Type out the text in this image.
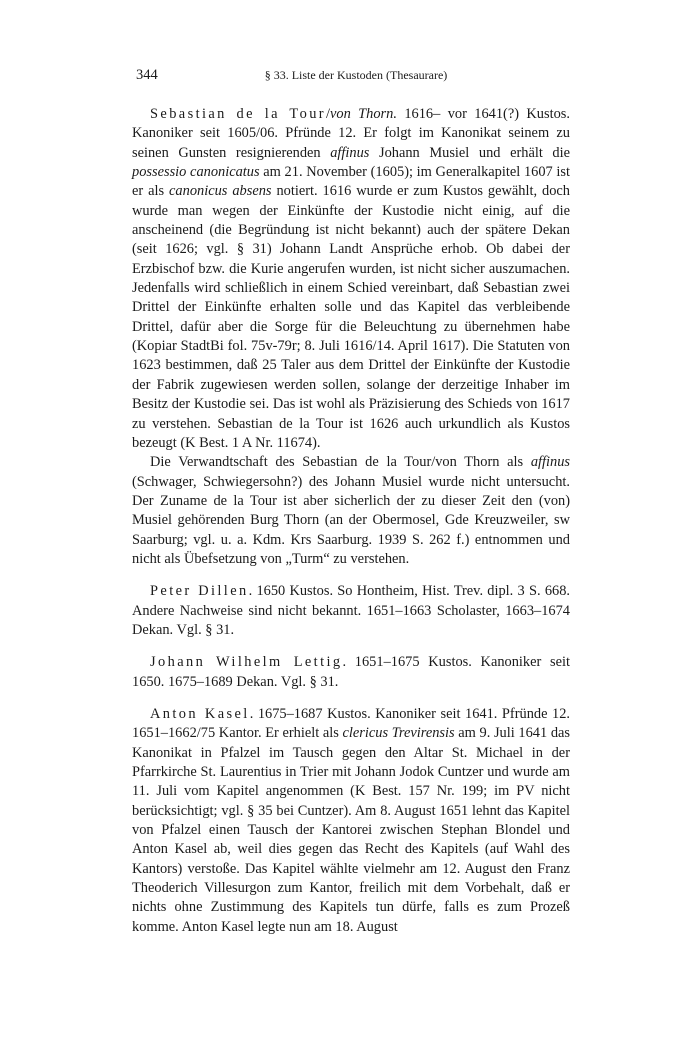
344	§ 33. Liste der Kustoden (Thesaurare)

Sebastian de la Tour/von Thorn. 1616– vor 1641(?) Kustos. Kanoniker seit 1605/06. Pfründe 12. Er folgt im Kanonikat seinem zu seinen Gunsten resignierenden affinus Johann Musiel und erhält die possessio canonicatus am 21. November (1605); im Generalkapitel 1607 ist er als canonicus absens notiert. 1616 wurde er zum Kustos gewählt, doch wurde man wegen der Einkünfte der Kustodie nicht einig, auf die anscheinend (die Begründung ist nicht bekannt) auch der spätere Dekan (seit 1626; vgl. § 31) Johann Landt Ansprüche erhob. Ob dabei der Erzbischof bzw. die Kurie angerufen wurden, ist nicht sicher auszumachen. Jedenfalls wird schließlich in einem Schied vereinbart, daß Sebastian zwei Drittel der Einkünfte erhalten solle und das Kapitel das verbleibende Drittel, dafür aber die Sorge für die Beleuchtung zu übernehmen habe (Kopiar StadtBi fol. 75v-79r; 8. Juli 1616/14. April 1617). Die Statuten von 1623 bestimmen, daß 25 Taler aus dem Drittel der Einkünfte der Kustodie der Fabrik zugewiesen werden sollen, solange der derzeitige Inhaber im Besitz der Kustodie sei. Das ist wohl als Präzisierung des Schieds von 1617 zu verstehen. Sebastian de la Tour ist 1626 auch urkundlich als Kustos bezeugt (K Best. 1 A Nr. 11674).

Die Verwandtschaft des Sebastian de la Tour/von Thorn als affinus (Schwager, Schwiegersohn?) des Johann Musiel wurde nicht untersucht. Der Zuname de la Tour ist aber sicherlich der zu dieser Zeit den (von) Musiel gehörenden Burg Thorn (an der Obermosel, Gde Kreuzweiler, sw Saarburg; vgl. u. a. Kdm. Krs Saarburg. 1939 S. 262 f.) entnommen und nicht als Übefsetzung von „Turm“ zu verstehen.

Peter Dillen. 1650 Kustos. So Hontheim, Hist. Trev. dipl. 3 S. 668. Andere Nachweise sind nicht bekannt. 1651–1663 Scholaster, 1663–1674 Dekan. Vgl. § 31.

Johann Wilhelm Lettig. 1651–1675 Kustos. Kanoniker seit 1650. 1675–1689 Dekan. Vgl. § 31.

Anton Kasel. 1675–1687 Kustos. Kanoniker seit 1641. Pfründe 12. 1651–1662/75 Kantor. Er erhielt als clericus Trevirensis am 9. Juli 1641 das Kanonikat in Pfalzel im Tausch gegen den Altar St. Michael in der Pfarrkirche St. Laurentius in Trier mit Johann Jodok Cuntzer und wurde am 11. Juli vom Kapitel angenommen (K Best. 157 Nr. 199; im PV nicht berücksichtigt; vgl. § 35 bei Cuntzer). Am 8. August 1651 lehnt das Kapitel von Pfalzel einen Tausch der Kantorei zwischen Stephan Blondel und Anton Kasel ab, weil dies gegen das Recht des Kapitels (auf Wahl des Kantors) verstoße. Das Kapitel wählte vielmehr am 12. August den Franz Theoderich Villesurgon zum Kantor, freilich mit dem Vorbehalt, daß er nichts ohne Zustimmung des Kapitels tun dürfe, falls es zum Prozeß komme. Anton Kasel legte nun am 18. August
